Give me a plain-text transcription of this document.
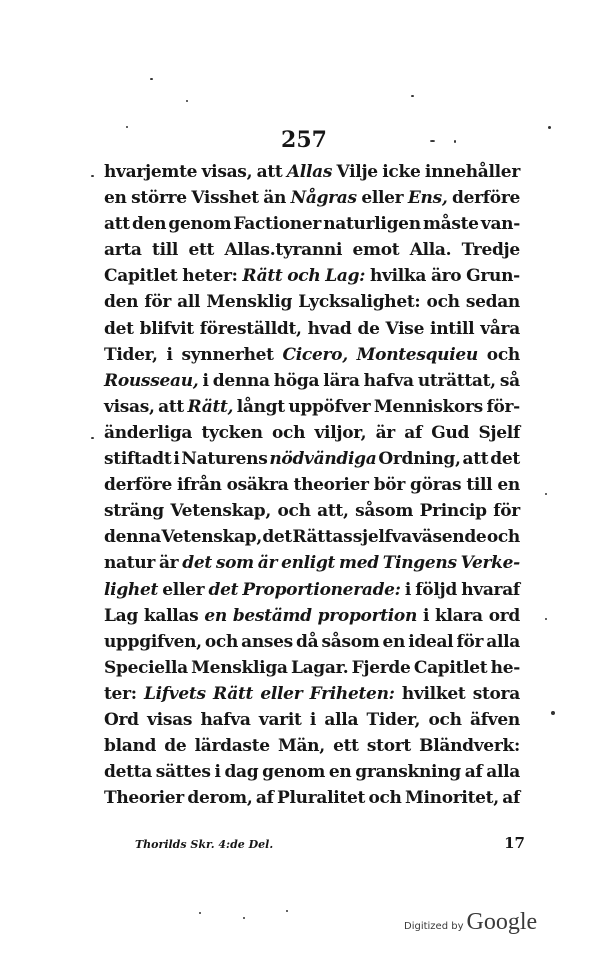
257
hvarjemte visas, att Allas Vilje icke innehåller
en större Visshet än Någras eller Ens, derföre
att den genom Factioner naturligen måste van-
arta till ett Allas.tyranni emot Alla. Tredje
Capitlet heter: Rätt och Lag: hvilka äro Grun-
den för all Mensklig Lycksalighet: och sedan
det blifvit föreställdt, hvad de Vise intill våra
Tider, i synnerhet Cicero, Montesquieu och
Rousseau, i denna höga lära hafva uträttat, så
visas, att Rätt, långt uppöfver Menniskors för-
änderliga tycken och viljor, är af Gud Sjelf
stiftadt i Naturens nödvändiga Ordning, att det
derföre ifrån osäkra theorier bör göras till en
sträng Vetenskap, och att, såsom Princip för
denna Vetenskap, det Rättas sjelfva väsende och
natur är det som är enligt med Tingens Verke-
lighet eller det Proportionerade: i följd hvaraf
Lag kallas en bestämd proportion i klara ord
uppgifven, och anses då såsom en ideal för alla
Speciella Menskliga Lagar. Fjerde Capitlet he-
ter: Lifvets Rätt eller Friheten: hvilket stora
Ord visas hafva varit i alla Tider, och äfven
bland de lärdaste Män, ett stort Bländverk:
detta sättes i dag genom en granskning af alla
Theorier derom, af Pluralitet och Minoritet, af
Thorilds Skr. 4:de Del.	17
Digitized by Google
